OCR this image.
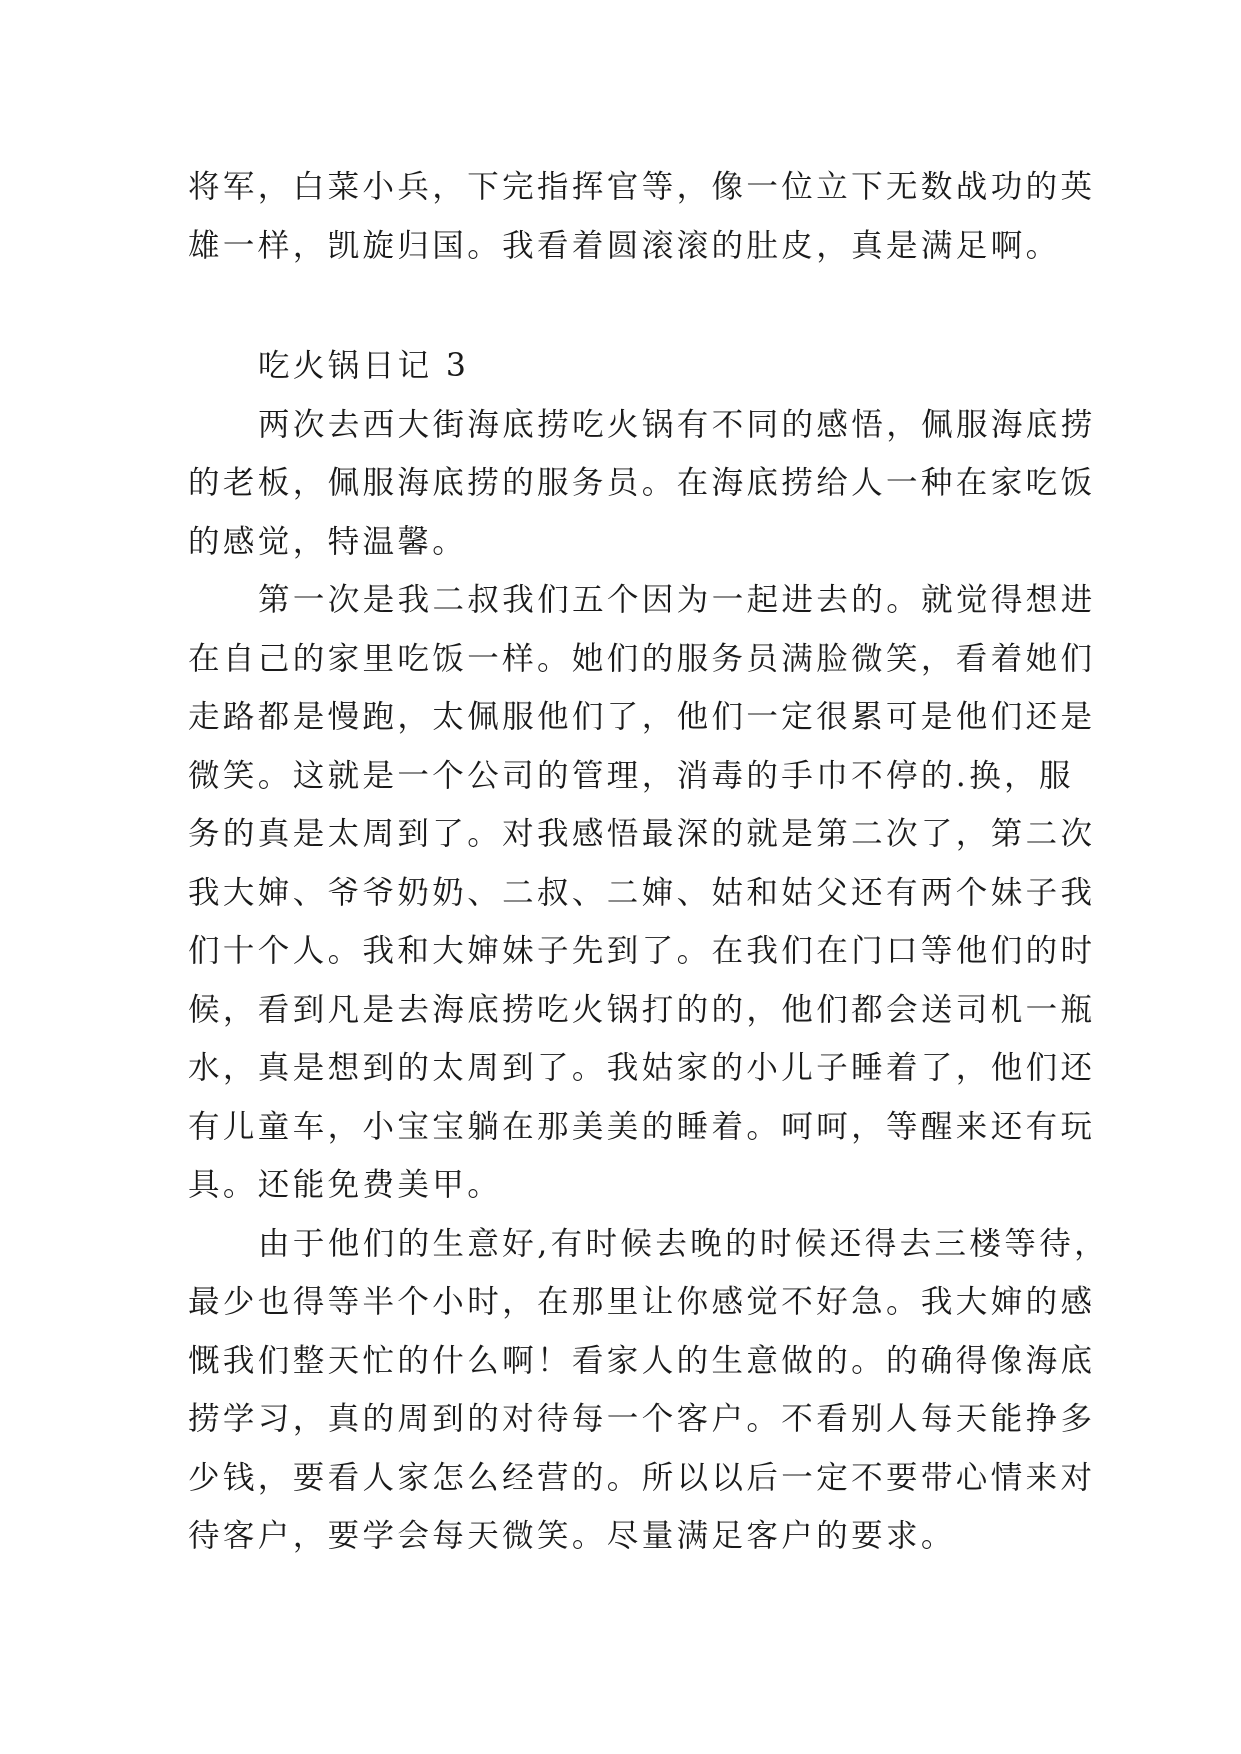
将军，白菜小兵，下完指挥官等，像一位立下无数战功的英
雄一样，凯旋归国。我看着圆滚滚的肚皮，真是满足啊。
吃火锅日记 3
两次去西大街海底捞吃火锅有不同的感悟，佩服海底捞
的老板，佩服海底捞的服务员。在海底捞给人一种在家吃饭
的感觉，特温馨。
第一次是我二叔我们五个因为一起进去的。就觉得想进
在自己的家里吃饭一样。她们的服务员满脸微笑，看着她们
走路都是慢跑，太佩服他们了，他们一定很累可是他们还是
微笑。这就是一个公司的管理，消毒的手巾不停的.换，服
务的真是太周到了。对我感悟最深的就是第二次了，第二次
我大婶、爷爷奶奶、二叔、二婶、姑和姑父还有两个妹子我
们十个人。我和大婶妹子先到了。在我们在门口等他们的时
候，看到凡是去海底捞吃火锅打的的，他们都会送司机一瓶
水，真是想到的太周到了。我姑家的小儿子睡着了，他们还
有儿童车，小宝宝躺在那美美的睡着。呵呵，等醒来还有玩
具。还能免费美甲。
由于他们的生意好,有时候去晚的时候还得去三楼等待，
最少也得等半个小时，在那里让你感觉不好急。我大婶的感
慨我们整天忙的什么啊！看家人的生意做的。的确得像海底
捞学习，真的周到的对待每一个客户。不看别人每天能挣多
少钱，要看人家怎么经营的。所以以后一定不要带心情来对
待客户，要学会每天微笑。尽量满足客户的要求。
